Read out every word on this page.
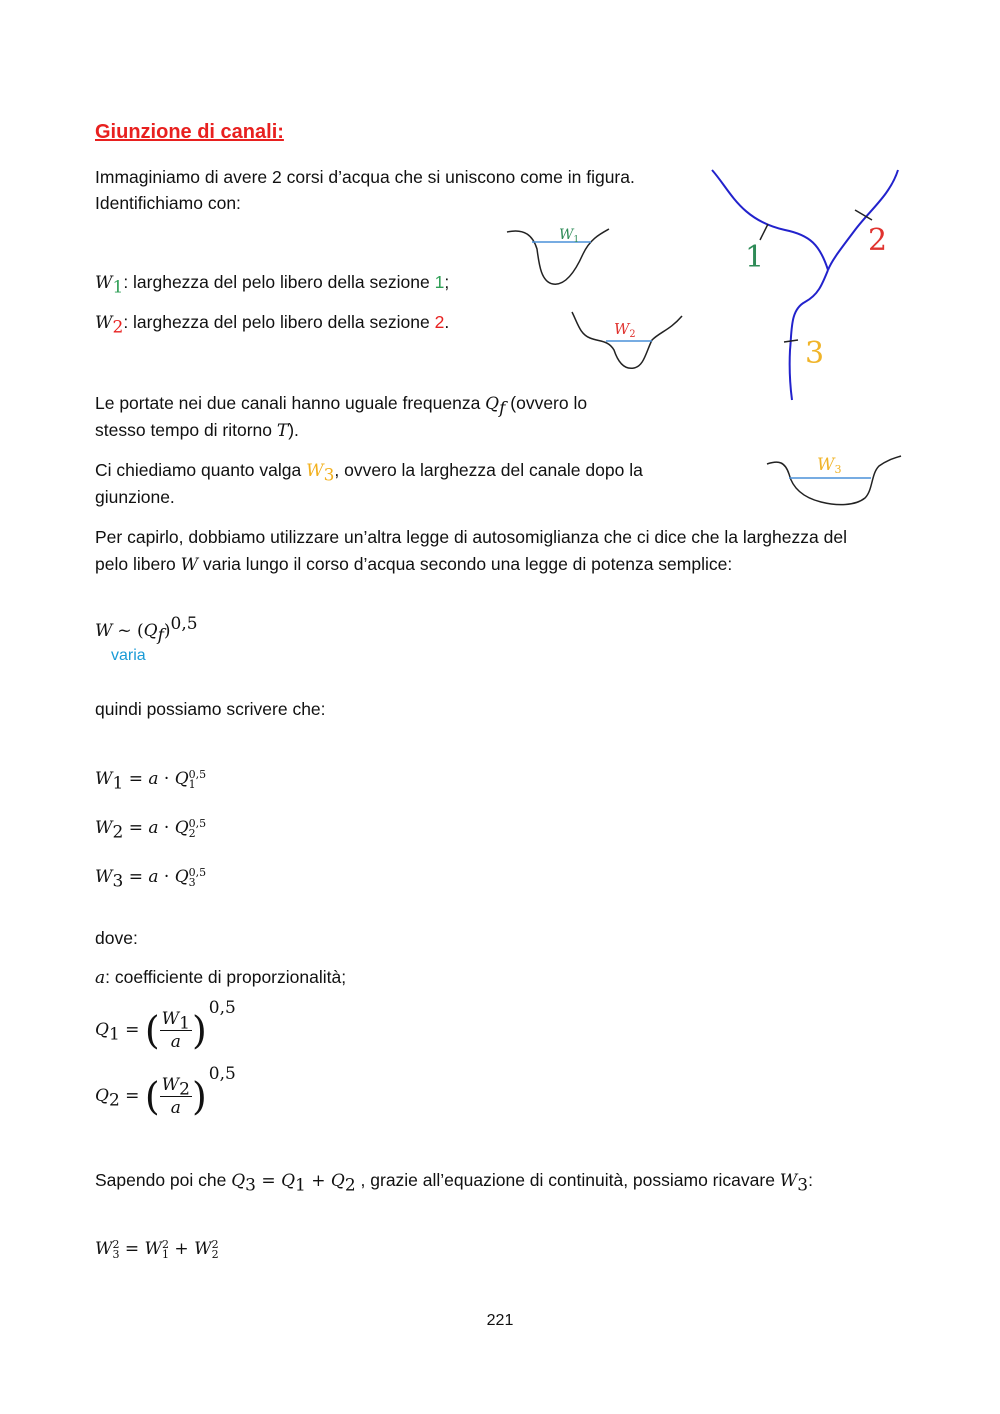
Giunzione di canali:
Immaginiamo di avere 2 corsi d’acqua che si uniscono come in figura.
Identifichiamo con:
$W_1$: larghezza del pelo libero della sezione 1;
$W_2$: larghezza del pelo libero della sezione 2.
Le portate nei due canali hanno uguale frequenza $Q_f$ (ovvero lo
stesso tempo di ritorno T).
Ci chiediamo quanto valga $W_3$, ovvero la larghezza del canale dopo la
giunzione.
Per capirlo, dobbiamo utilizzare un’altra legge di autosomiglianza che ci dice che la larghezza del
pelo libero W varia lungo il corso d’acqua secondo una legge di potenza semplice:
W ~ $(Q_f)^{0,5}$
varia
quindi possiamo scrivere che:
$W_1 = a \cdot Q$ 0,5
1
$W_2 = a \cdot Q$ 0,5
2
$W_3 = a \cdot Q$ 0,5
3
dove:
a: coefficiente di proporzionalità;
$Q_1$ = ( $\frac{W_1}{a} )^{0,5}$
$Q_2$ = ( $\frac{W_2}{a} )^{0,5}$
Sapendo poi che $Q_3 = Q_1 + Q_2$ , grazie all’equazione di continuità, possiamo ricavare $W_3$:
W 2
3 = W 2
1 + W 2
2
221
1	2
3
$W_1$
$W_2$
W3
